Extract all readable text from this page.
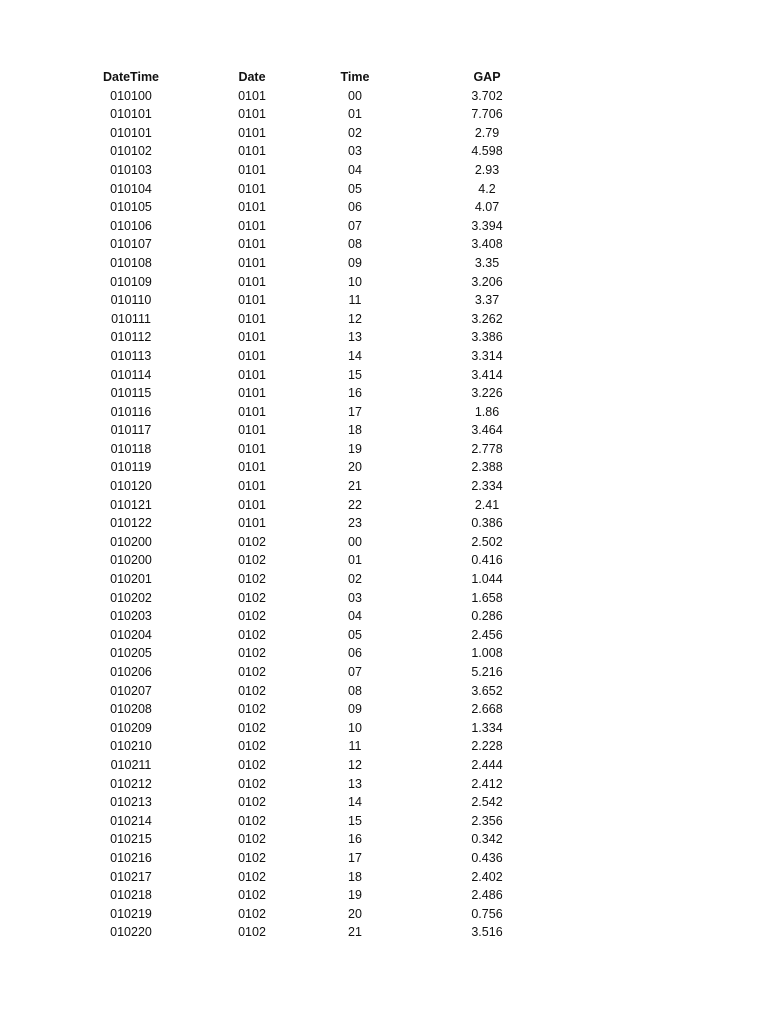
DateTime	Date	Time	GAP
010100	0101	00	3.702
010101	0101	01	7.706
010101	0101	02	2.79
010102	0101	03	4.598
010103	0101	04	2.93
010104	0101	05	4.2
010105	0101	06	4.07
010106	0101	07	3.394
010107	0101	08	3.408
010108	0101	09	3.35
010109	0101	10	3.206
010110	0101	11	3.37
010111	0101	12	3.262
010112	0101	13	3.386
010113	0101	14	3.314
010114	0101	15	3.414
010115	0101	16	3.226
010116	0101	17	1.86
010117	0101	18	3.464
010118	0101	19	2.778
010119	0101	20	2.388
010120	0101	21	2.334
010121	0101	22	2.41
010122	0101	23	0.386
010200	0102	00	2.502
010200	0102	01	0.416
010201	0102	02	1.044
010202	0102	03	1.658
010203	0102	04	0.286
010204	0102	05	2.456
010205	0102	06	1.008
010206	0102	07	5.216
010207	0102	08	3.652
010208	0102	09	2.668
010209	0102	10	1.334
010210	0102	11	2.228
010211	0102	12	2.444
010212	0102	13	2.412
010213	0102	14	2.542
010214	0102	15	2.356
010215	0102	16	0.342
010216	0102	17	0.436
010217	0102	18	2.402
010218	0102	19	2.486
010219	0102	20	0.756
010220	0102	21	3.516
